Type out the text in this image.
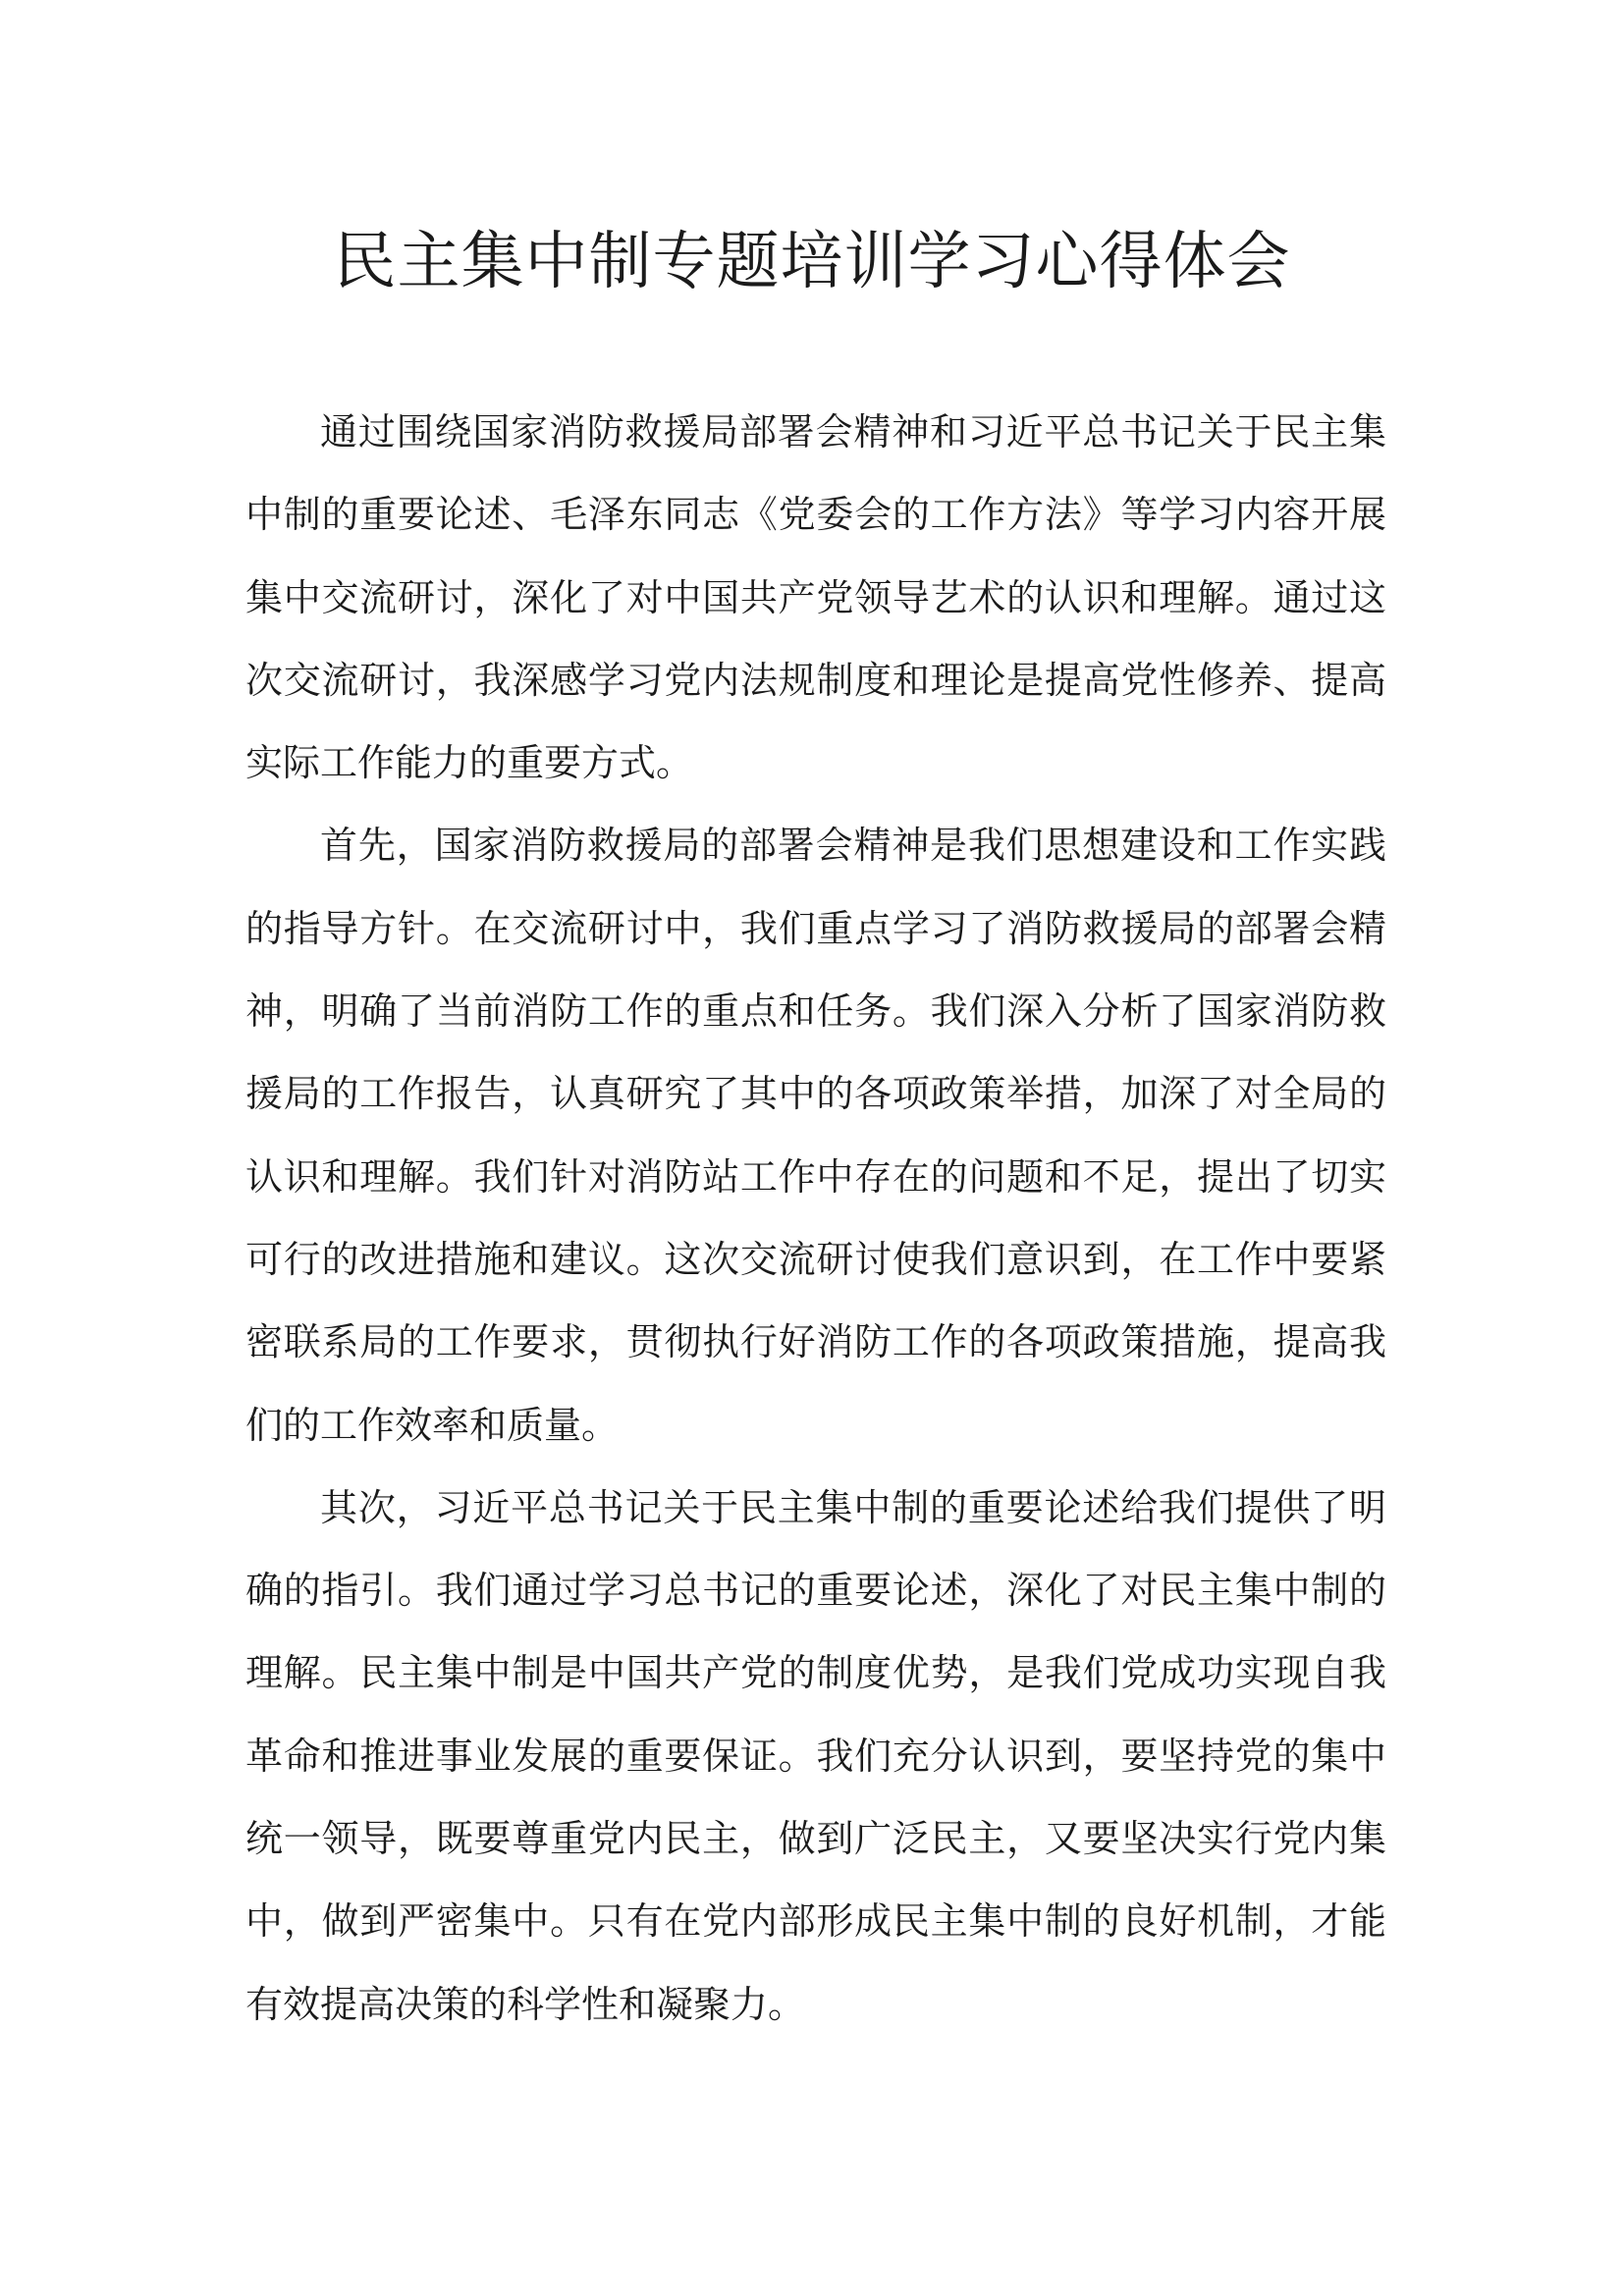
民主集中制专题培训学习心得体会

通过围绕国家消防救援局部署会精神和习近平总书记关于民主集中制的重要论述、毛泽东同志《党委会的工作方法》等学习内容开展集中交流研讨，深化了对中国共产党领导艺术的认识和理解。通过这次交流研讨，我深感学习党内法规制度和理论是提高党性修养、提高实际工作能力的重要方式。

首先，国家消防救援局的部署会精神是我们思想建设和工作实践的指导方针。在交流研讨中，我们重点学习了消防救援局的部署会精神，明确了当前消防工作的重点和任务。我们深入分析了国家消防救援局的工作报告，认真研究了其中的各项政策举措，加深了对全局的认识和理解。我们针对消防站工作中存在的问题和不足，提出了切实可行的改进措施和建议。这次交流研讨使我们意识到，在工作中要紧密联系局的工作要求，贯彻执行好消防工作的各项政策措施，提高我们的工作效率和质量。

其次，习近平总书记关于民主集中制的重要论述给我们提供了明确的指引。我们通过学习总书记的重要论述，深化了对民主集中制的理解。民主集中制是中国共产党的制度优势，是我们党成功实现自我革命和推进事业发展的重要保证。我们充分认识到，要坚持党的集中统一领导，既要尊重党内民主，做到广泛民主，又要坚决实行党内集中，做到严密集中。只有在党内部形成民主集中制的良好机制，才能有效提高决策的科学性和凝聚力。
